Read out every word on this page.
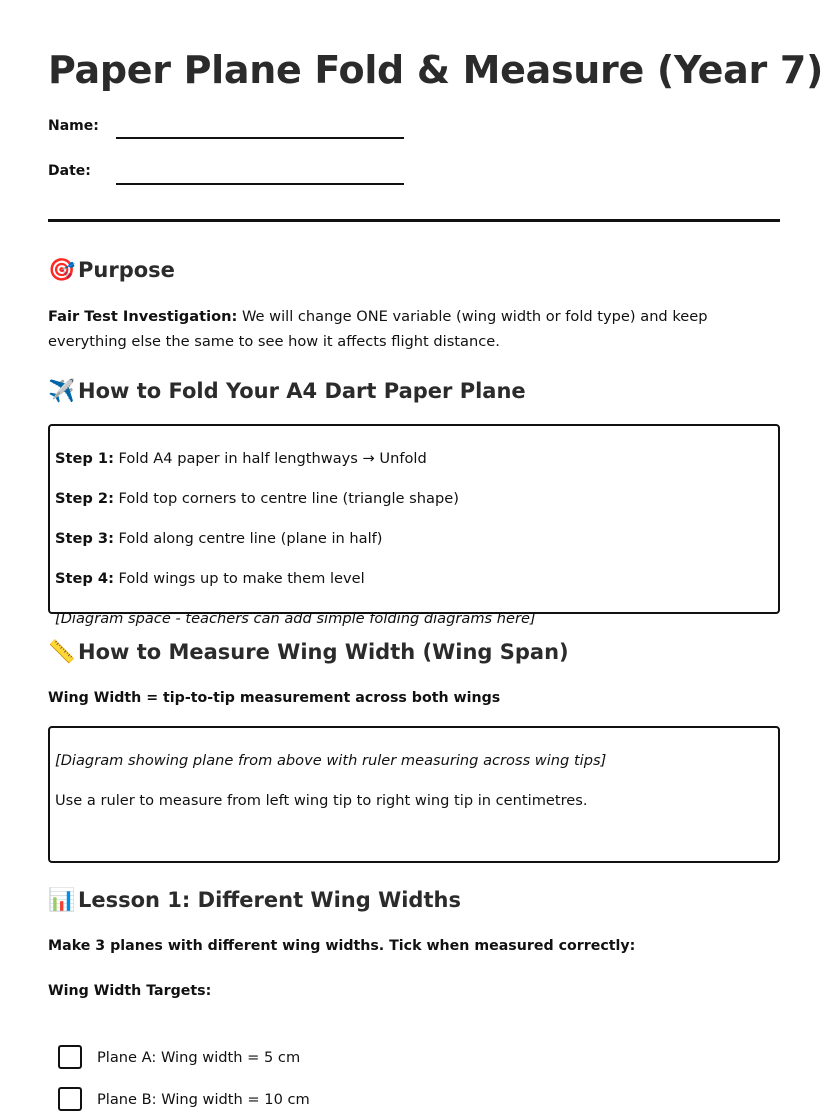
Paper Plane Fold & Measure (Year 7)
Name:
Date:
🎯 Purpose

Fair Test Investigation: We will change ONE variable (wing width or fold type) and keep everything else the same to see how it affects flight distance.

✈️ How to Fold Your A4 Dart Paper Plane

Step 1: Fold A4 paper in half lengthways → Unfold

Step 2: Fold top corners to centre line (triangle shape)

Step 3: Fold along centre line (plane in half)

Step 4: Fold wings up to make them level

[Diagram space - teachers can add simple folding diagrams here]

📏 How to Measure Wing Width (Wing Span)

Wing Width = tip-to-tip measurement across both wings

[Diagram showing plane from above with ruler measuring across wing tips]

Use a ruler to measure from left wing tip to right wing tip in centimetres.

📊 Lesson 1: Different Wing Widths

Make 3 planes with different wing widths. Tick when measured correctly:

Wing Width Targets:

Plane A: Wing width = 5 cm
Plane B: Wing width = 10 cm
